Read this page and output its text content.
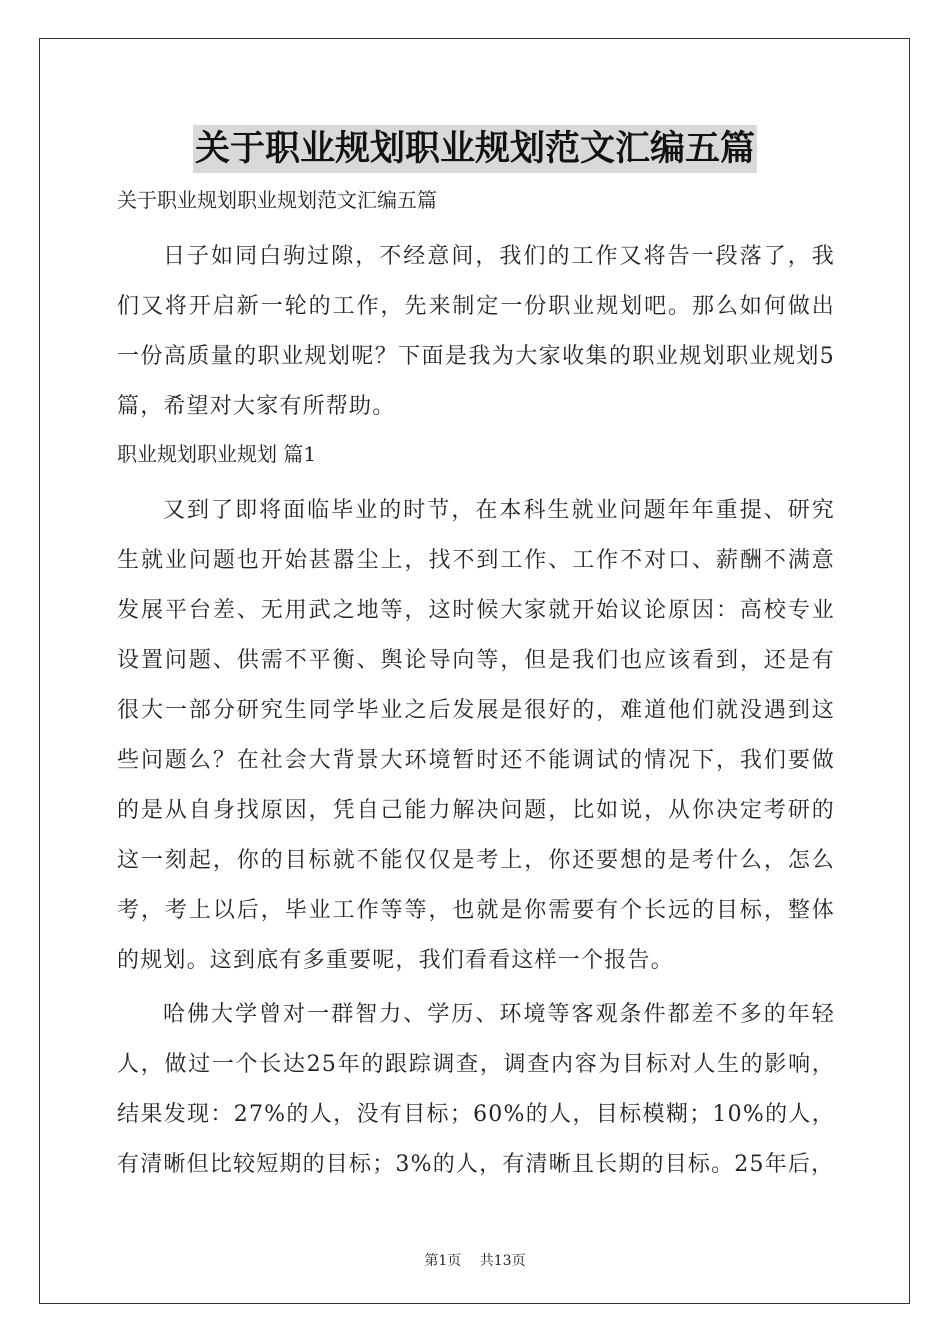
关于职业规划职业规划范文汇编五篇

关于职业规划职业规划范文汇编五篇

日子如同白驹过隙，不经意间，我们的工作又将告一段落了，我们又将开启新一轮的工作，先来制定一份职业规划吧。那么如何做出一份高质量的职业规划呢？下面是我为大家收集的职业规划职业规划5篇，希望对大家有所帮助。

职业规划职业规划 篇1

又到了即将面临毕业的时节，在本科生就业问题年年重提、研究生就业问题也开始甚嚣尘上，找不到工作、工作不对口、薪酬不满意发展平台差、无用武之地等，这时候大家就开始议论原因：高校专业设置问题、供需不平衡、舆论导向等，但是我们也应该看到，还是有很大一部分研究生同学毕业之后发展是很好的，难道他们就没遇到这些问题么？在社会大背景大环境暂时还不能调试的情况下，我们要做的是从自身找原因，凭自己能力解决问题，比如说，从你决定考研的这一刻起，你的目标就不能仅仅是考上，你还要想的是考什么，怎么考，考上以后，毕业工作等等，也就是你需要有个长远的目标，整体的规划。这到底有多重要呢，我们看看这样一个报告。

哈佛大学曾对一群智力、学历、环境等客观条件都差不多的年轻人，做过一个长达25年的跟踪调查，调查内容为目标对人生的影响，结果发现：27%的人，没有目标；60%的人，目标模糊；10%的人，有清晰但比较短期的目标；3%的人，有清晰且长期的目标。25年后，

第1页 共13页
